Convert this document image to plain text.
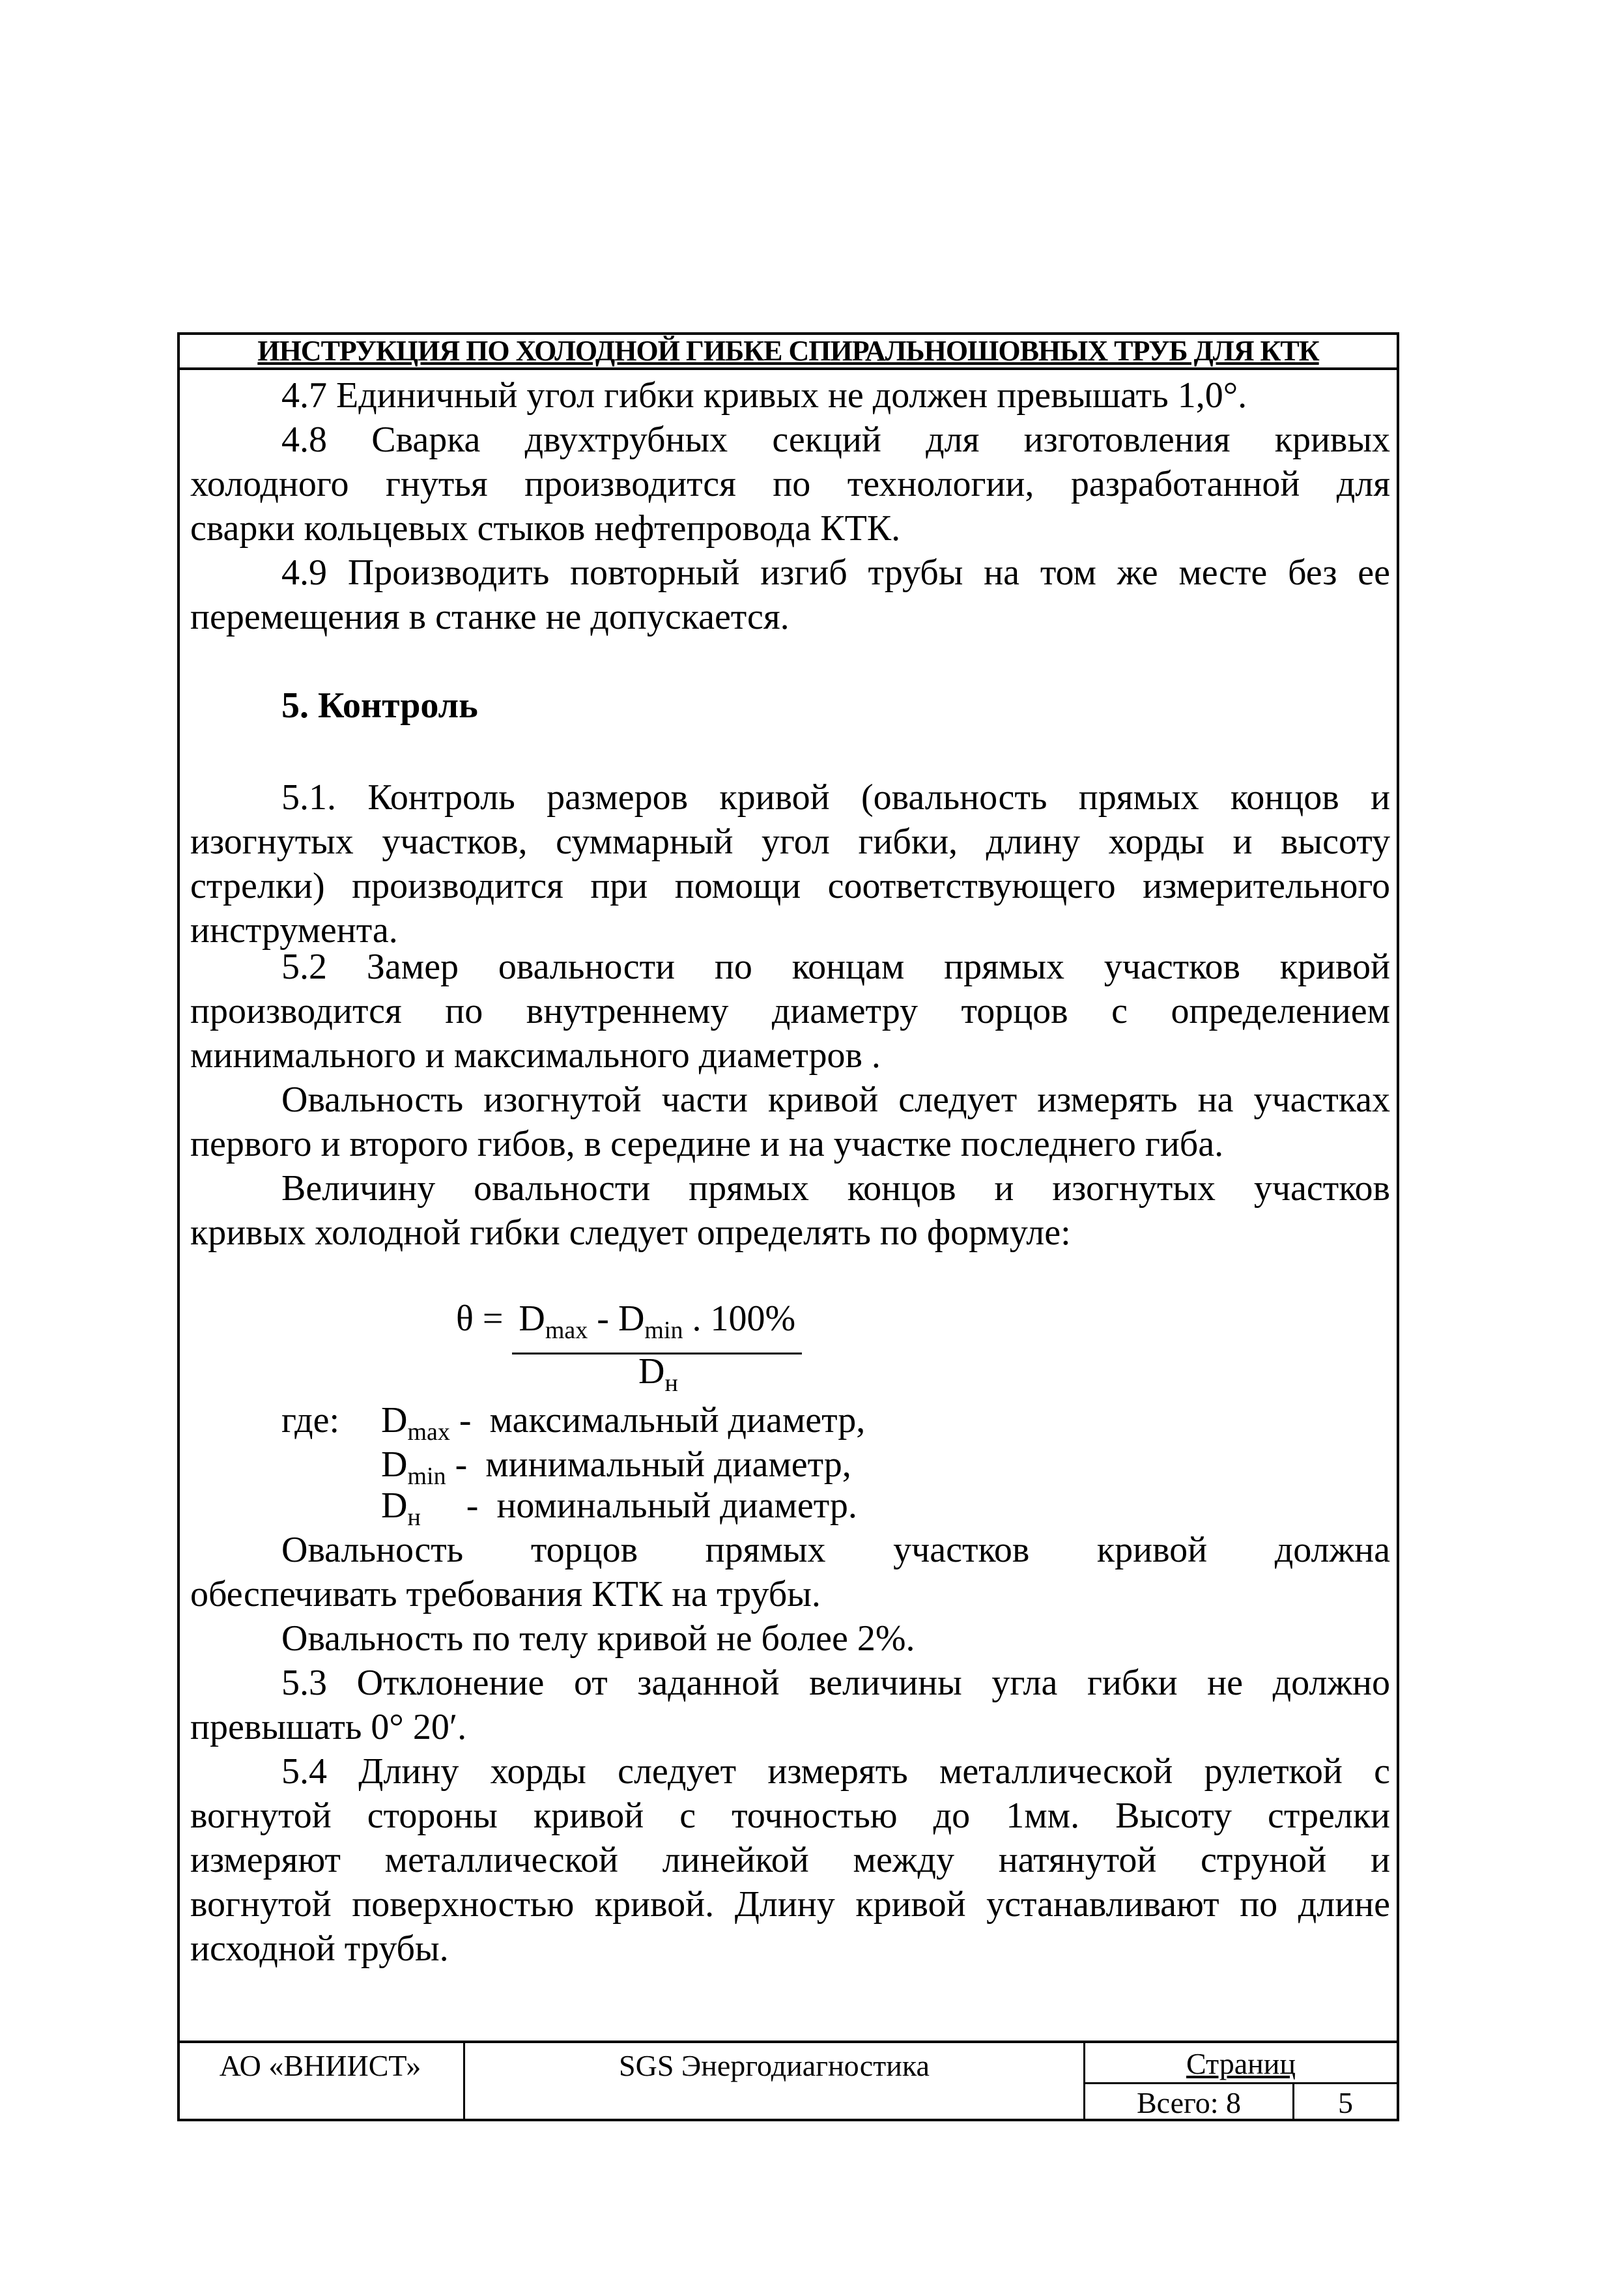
ИНСТРУКЦИЯ ПО ХОЛОДНОЙ ГИБКЕ СПИРАЛЬНОШОВНЫХ ТРУБ ДЛЯ КТК
4.7 Единичный угол гибки кривых не должен превышать 1,0°.
4.8 Сварка двухтрубных секций для изготовления кривых
холодного гнутья производится по технологии, разработанной для
сварки кольцевых стыков нефтепровода КТК.
4.9 Производить повторный изгиб трубы на том же месте без ее
перемещения в станке не допускается.
5. Контроль
5.1. Контроль размеров кривой (овальность прямых концов и
изогнутых участков, суммарный угол гибки, длину хорды и высоту
стрелки) производится при помощи соответствующего измерительного
инструмента.
5.2 Замер овальности по концам прямых участков кривой
производится по внутреннему диаметру торцов с определением
минимального и максимального диаметров .
Овальность изогнутой части кривой следует измерять на участках
первого и второго гибов, в середине и на участке последнего гиба.
Величину овальности прямых концов и изогнутых участков
кривых холодной гибки следует определять по формуле:
$\theta = D_{max} - D_{min}$ . 100%
$D_н$
где: $D_{max}$ -  максимальный диаметр,
$D_{min}$ -  минимальный диаметр,
$D_н$     -  номинальный диаметр.
Овальность торцов прямых участков кривой должна
обеспечивать требования КТК на трубы.
Овальность по телу кривой не более 2%.
5.3 Отклонение от заданной величины угла гибки не должно
превышать 0° 20′.
5.4 Длину хорды следует измерять металлической рулеткой с
вогнутой стороны кривой с точностью до 1мм. Высоту стрелки
измеряют металлической линейкой между натянутой струной и
вогнутой поверхностью кривой. Длину кривой устанавливают по длине
исходной трубы.
АО «ВНИИСТ»	SGS Энергодиагностика	Страниц
Всего: 8	5
